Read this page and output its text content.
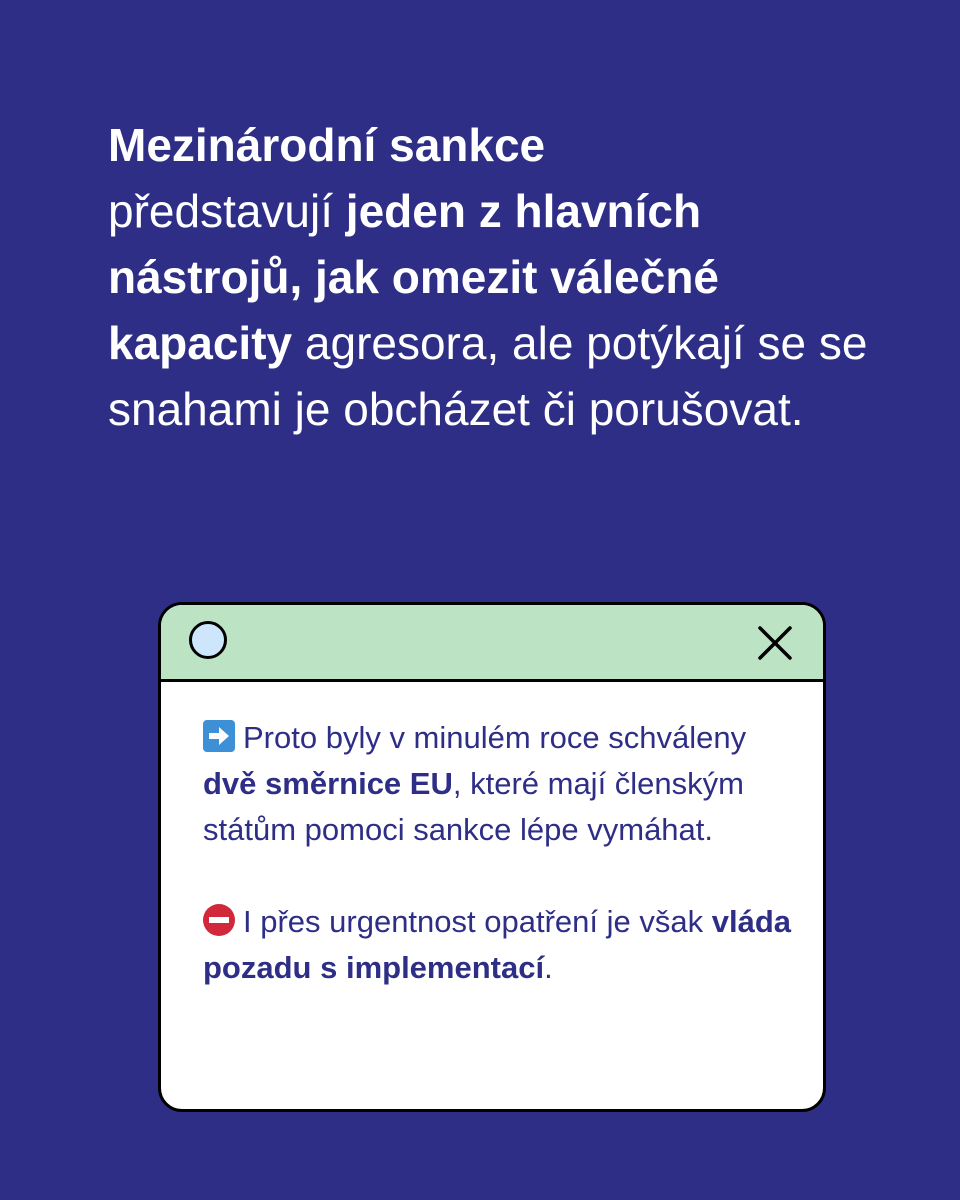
Mezinárodní sankce
představují jeden z hlavních nástrojů, jak omezit válečné kapacity agresora, ale potýkají se se snahami je obcházet či porušovat.
Proto byly v minulém roce schváleny dvě směrnice EU, které mají členským státům pomoci sankce lépe vymáhat.
I přes urgentnost opatření je však vláda pozadu s implementací.
